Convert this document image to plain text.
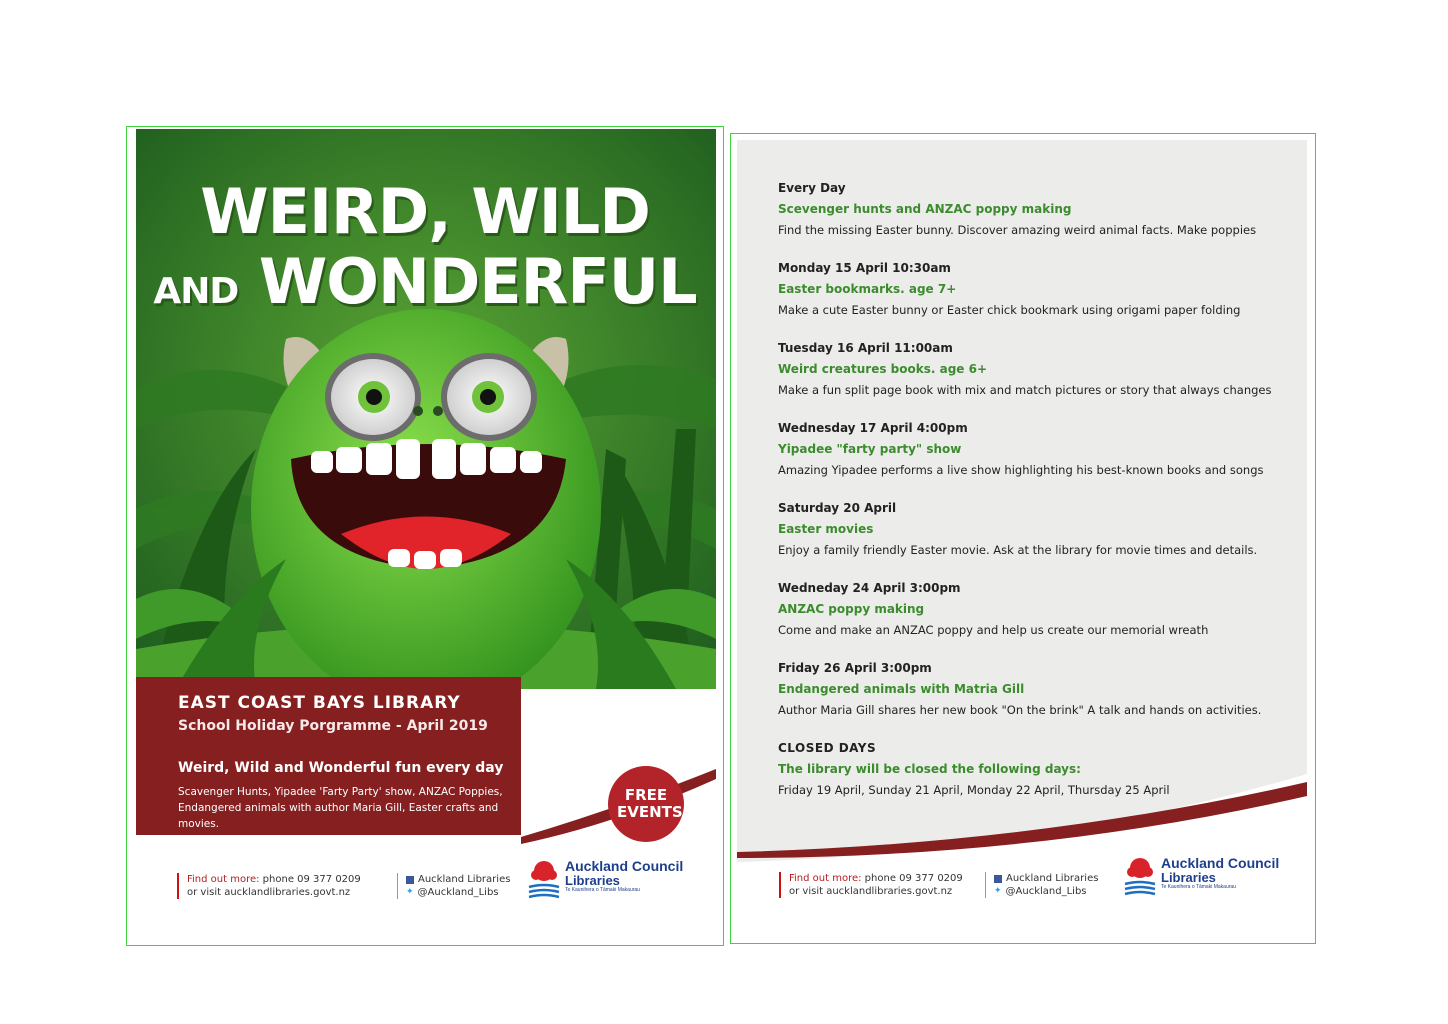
WEIRD, WILD
AND WONDERFUL

EAST COAST BAYS LIBRARY

School Holiday Porgramme - April 2019

Weird, Wild and Wonderful fun every day

Scavenger Hunts, Yipadee 'Farty Party' show, ANZAC Poppies, Endangered animals with author Maria Gill, Easter crafts and movies.

FREE
EVENTS
Find out more: phone 09 377 0209
or visit aucklandlibraries.govt.nz
Auckland Libraries
✦ @Auckland_Libs
Auckland Council
Libraries
Te Kaunihera o Tāmaki Makaurau

Every Day

Scevenger hunts and ANZAC poppy making

Find the missing Easter bunny. Discover amazing weird animal facts. Make poppies

Monday 15 April 10:30am

Easter bookmarks. age 7+

Make a cute Easter bunny or Easter chick bookmark using origami paper folding

Tuesday 16 April 11:00am

Weird creatures books. age 6+

Make a fun split page book with mix and match pictures or story that always changes

Wednesday 17 April 4:00pm

Yipadee "farty party" show

Amazing Yipadee performs a live show highlighting his best-known books and songs

Saturday 20 April

Easter movies

Enjoy a family friendly Easter movie. Ask at the library for movie times and details.

Wedneday 24 April 3:00pm

ANZAC poppy making

Come and make an ANZAC poppy and help us create our memorial wreath

Friday 26 April 3:00pm

Endangered animals with Matria Gill

Author Maria Gill shares her new book "On the brink" A talk and hands on activities.

CLOSED DAYS

The library will be closed the following days:

Friday 19 April, Sunday 21 April, Monday 22 April, Thursday 25 April

Find out more: phone 09 377 0209
or visit aucklandlibraries.govt.nz
Auckland Libraries
✦ @Auckland_Libs
Auckland Council
Libraries
Te Kaunihera o Tāmaki Makaurau
